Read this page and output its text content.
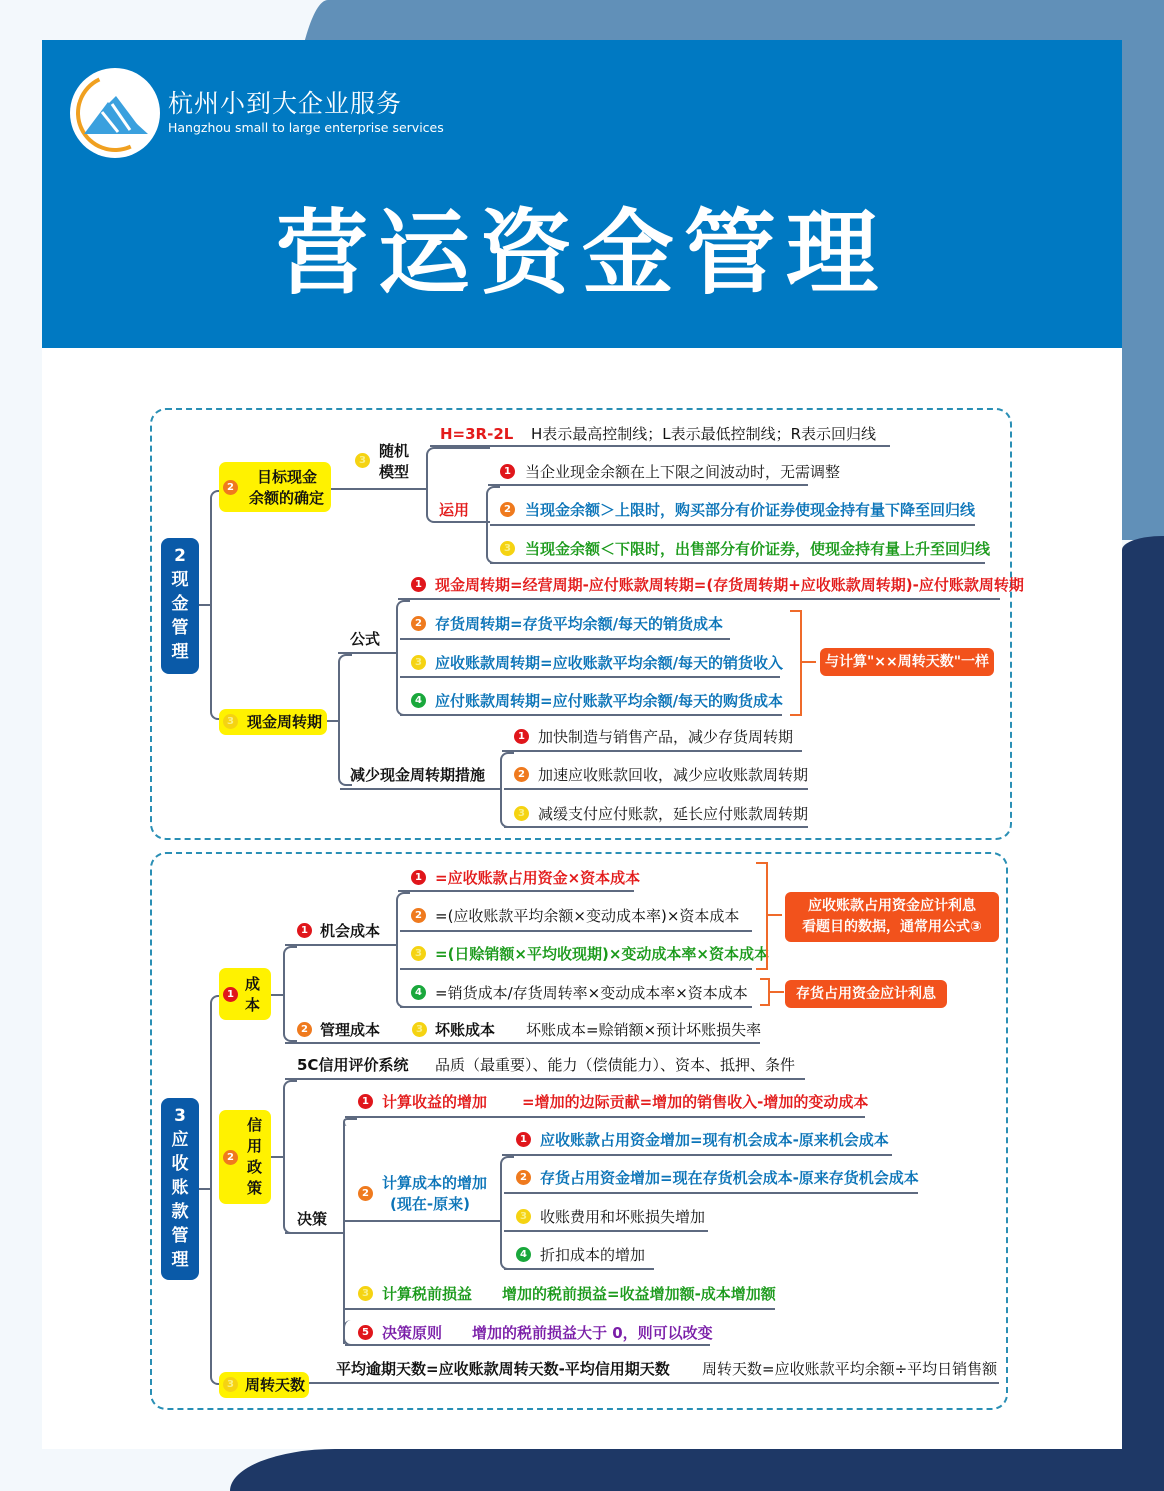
杭州小到大企业服务
Hangzhou small to large enterprise services
营运资金管理
2
现
金
管
理
2
目标现金
余额的确定
3
随机
模型
H=3R-2L H表示最高控制线；L表示最低控制线；R表示回归线
运用
1 当企业现金余额在上下限之间波动时，无需调整
2 当现金余额＞上限时，购买部分有价证券使现金持有量下降至回归线
3 当现金余额＜下限时，出售部分有价证券，使现金持有量上升至回归线
3 现金周转期
公式
1 现金周转期=经营周期-应付账款周转期=(存货周转期+应收账款周转期)-应付账款周转期
2 存货周转期=存货平均余额/每天的销货成本
3 应收账款周转期=应收账款平均余额/每天的销货收入
4 应付账款周转期=应付账款平均余额/每天的购货成本
与计算"××周转天数"一样
减少现金周转期措施
1 加快制造与销售产品，减少存货周转期
2 加速应收账款回收，减少应收账款周转期
3 减缓支付应付账款，延长应付账款周转期
3
应
收
账
款
管
理
1
成
本
1 机会成本
1 =应收账款占用资金×资本成本
2 =(应收账款平均余额×变动成本率)×资本成本
3 =(日赊销额×平均收现期)×变动成本率×资本成本
4 =销货成本/存货周转率×变动成本率×资本成本
应收账款占用资金应计利息
看题目的数据，通常用公式③
存货占用资金应计利息
2 管理成本	3 坏账成本 坏账成本=赊销额×预计坏账损失率
2
信
用
政
策
5C信用评价系统 品质（最重要）、能力（偿债能力）、资本、抵押、条件
决策
1 计算收益的增加 =增加的边际贡献=增加的销售收入-增加的变动成本
2
计算成本的增加
(现在-原来)
1 应收账款占用资金增加=现有机会成本-原来机会成本
2 存货占用资金增加=现在存货机会成本-原来存货机会成本
3 收账费用和坏账损失增加
4 折扣成本的增加
3 计算税前损益 增加的税前损益=收益增加额-成本增加额
5 决策原则 增加的税前损益大于 0，则可以改变
3 周转天数
平均逾期天数=应收账款周转天数-平均信用期天数 周转天数=应收账款平均余额÷平均日销售额
